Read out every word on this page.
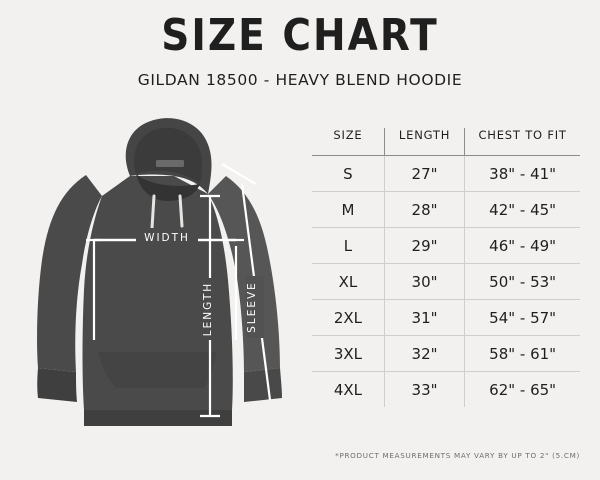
SIZE CHART
GILDAN 18500 - HEAVY BLEND HOODIE
WIDTH
LENGTH	SLEEVE
SIZE	LENGTH	CHEST TO FIT
S	27"	38" - 41"
M	28"	42" - 45"
L	29"	46" - 49"
XL	30"	50" - 53"
2XL	31"	54" - 57"
3XL	32"	58" - 61"
4XL	33"	62" - 65"
*PRODUCT MEASUREMENTS MAY VARY BY UP TO 2" (5.CM)
